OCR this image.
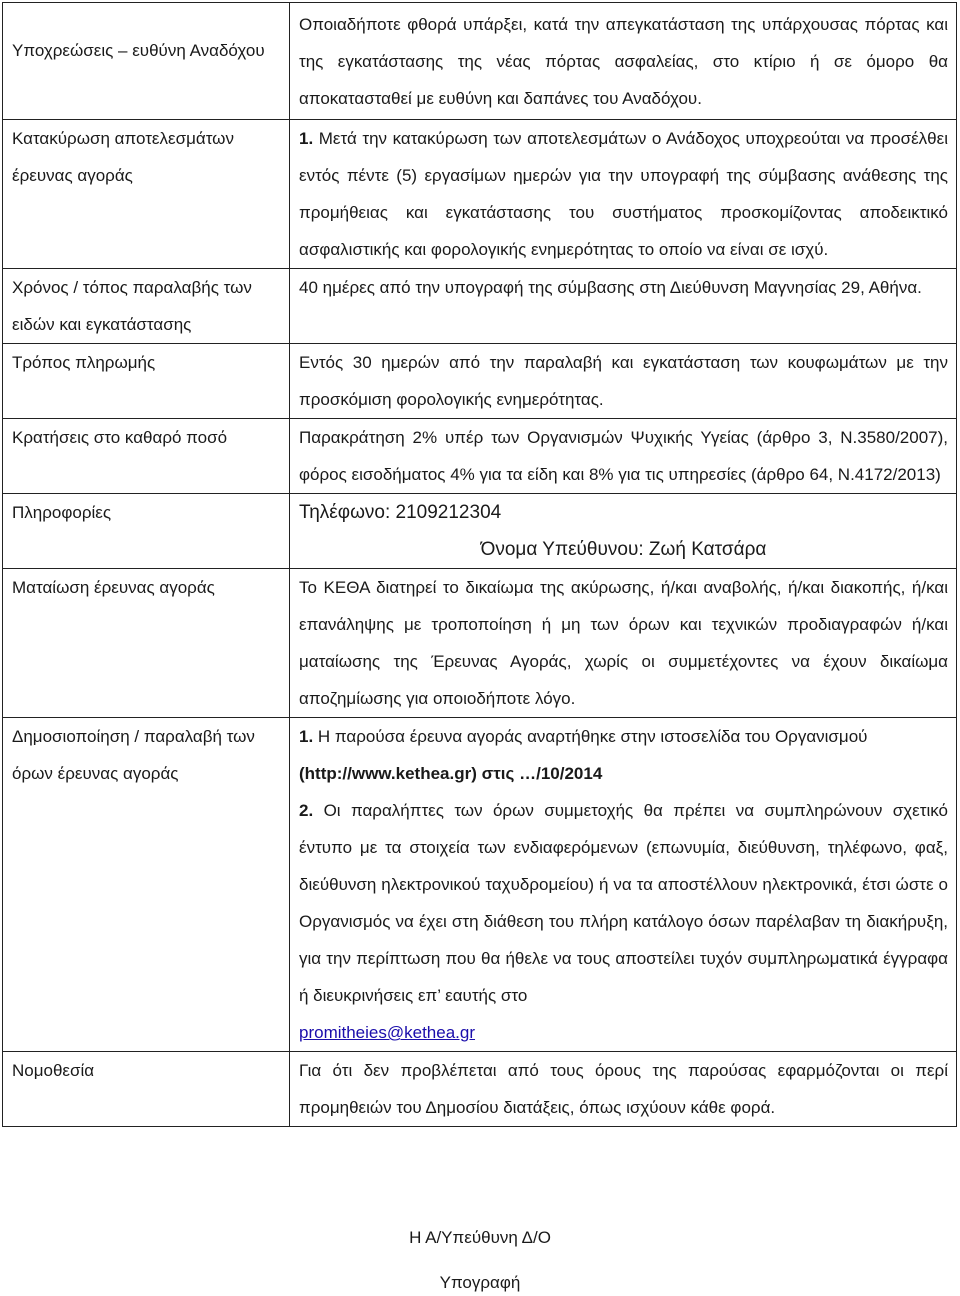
Υποχρεώσεις – ευθύνη Αναδόχου	Οποιαδήποτε φθορά υπάρξει, κατά την απεγκατάσταση της υπάρχουσας πόρτας και της εγκατάστασης της νέας πόρτας ασφαλείας, στο κτίριο ή σε όμορο θα αποκατασταθεί με ευθύνη και δαπάνες του Αναδόχου.
Κατακύρωση αποτελεσμάτων έρευνας αγοράς	1. Μετά την κατακύρωση των αποτελεσμάτων ο Ανάδοχος υποχρεούται να προσέλθει εντός πέντε (5) εργασίμων ημερών για την υπογραφή της σύμβασης ανάθεσης της προμήθειας και εγκατάστασης του συστήματος προσκομίζοντας αποδεικτικό ασφαλιστικής και φορολογικής ενημερότητας το οποίο να είναι σε ισχύ.
Χρόνος / τόπος παραλαβής των ειδών και εγκατάστασης	40 ημέρες από την υπογραφή της σύμβασης στη Διεύθυνση Μαγνησίας 29, Αθήνα.
Τρόπος πληρωμής	Εντός 30 ημερών από την παραλαβή και εγκατάσταση των κουφωμάτων με την προσκόμιση φορολογικής ενημερότητας.
Κρατήσεις στο καθαρό ποσό	Παρακράτηση 2% υπέρ των Οργανισμών Ψυχικής Υγείας (άρθρο 3, Ν.3580/2007), φόρος εισοδήματος 4% για τα είδη και 8% για τις υπηρεσίες (άρθρο 64, Ν.4172/2013)
Πληροφορίες	Τηλέφωνο: 2109212304
Όνομα Υπεύθυνου: Ζωή Κατσάρα

Ματαίωση έρευνας αγοράς	Το ΚΕΘΑ διατηρεί το δικαίωμα της ακύρωσης, ή/και αναβολής, ή/και διακοπής, ή/και επανάληψης με τροποποίηση ή μη των όρων και τεχνικών προδιαγραφών ή/και ματαίωσης της Έρευνας Αγοράς, χωρίς οι συμμετέχοντες να έχουν δικαίωμα αποζημίωσης για οποιοδήποτε λόγο.
Δημοσιοποίηση / παραλαβή των όρων έρευνας αγοράς	1. Η παρούσα έρευνα αγοράς αναρτήθηκε στην ιστοσελίδα του Οργανισμού
(http://www.kethea.gr) στις …/10/2014
2. Οι παραλήπτες των όρων συμμετοχής θα πρέπει να συμπληρώνουν σχετικό έντυπο με τα στοιχεία των ενδιαφερόμενων (επωνυμία, διεύθυνση, τηλέφωνο, φαξ, διεύθυνση ηλεκτρονικού ταχυδρομείου) ή να τα αποστέλλουν ηλεκτρονικά, έτσι ώστε ο Οργανισμός να έχει στη διάθεση του πλήρη κατάλογο όσων παρέλαβαν τη διακήρυξη, για την περίπτωση που θα ήθελε να τους αποστείλει τυχόν συμπληρωματικά έγγραφα ή διευκρινήσεις επ’ εαυτής στο
promitheies@kethea.gr

Νομοθεσία	Για ότι δεν προβλέπεται από τους όρους της παρούσας εφαρμόζονται οι περί προμηθειών του Δημοσίου διατάξεις, όπως ισχύουν κάθε φορά.
Η Α/Υπεύθυνη Δ/Ο
Υπογραφή
